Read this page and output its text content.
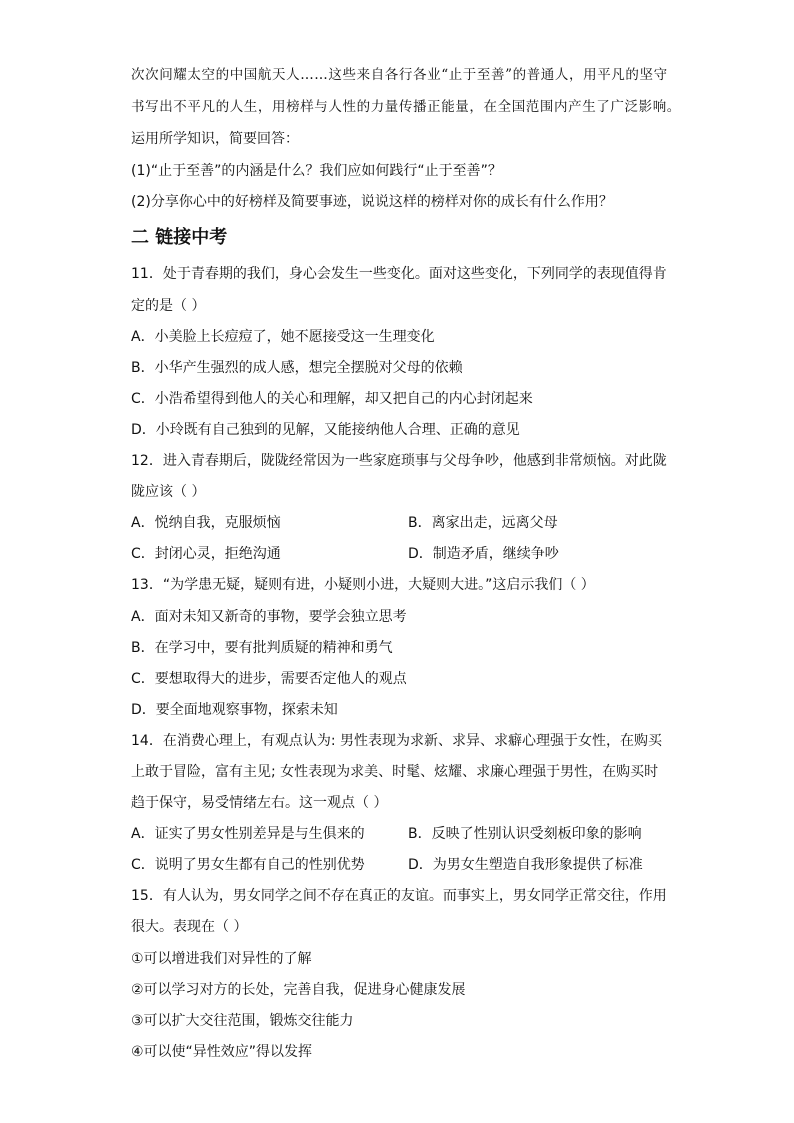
次次问耀太空的中国航天人……这些来自各行各业“止于至善”的普通人，用平凡的坚守
书写出不平凡的人生，用榜样与人性的力量传播正能量，在全国范围内产生了广泛影响。
运用所学知识，简要回答：
(1)“止于至善”的内涵是什么？我们应如何践行“止于至善”？
(2)分享你心中的好榜样及简要事迹，说说这样的榜样对你的成长有什么作用？
二 链接中考
11．处于青春期的我们，身心会发生一些变化。面对这些变化，下列同学的表现值得肯
定的是（ ）
A．小美脸上长痘痘了，她不愿接受这一生理变化
B．小华产生强烈的成人感，想完全摆脱对父母的依赖
C．小浩希望得到他人的关心和理解，却又把自己的内心封闭起来
D．小玲既有自己独到的见解，又能接纳他人合理、正确的意见
12．进入青春期后，陇陇经常因为一些家庭琐事与父母争吵，他感到非常烦恼。对此陇
陇应该（ ）
A．悦纳自我，克服烦恼	B．离家出走，远离父母
C．封闭心灵，拒绝沟通	D．制造矛盾，继续争吵
13．“为学患无疑，疑则有进，小疑则小进，大疑则大进。”这启示我们（ ）
A．面对未知又新奇的事物，要学会独立思考
B．在学习中，要有批判质疑的精神和勇气
C．要想取得大的进步，需要否定他人的观点
D．要全面地观察事物，探索未知
14．在消费心理上，有观点认为: 男性表现为求新、求异、求癖心理强于女性，在购买
上敢于冒险，富有主见; 女性表现为求美、时髦、炫耀、求廉心理强于男性，在购买时
趋于保守，易受情绪左右。这一观点（ ）
A．证实了男女性别差异是与生俱来的	B．反映了性别认识受刻板印象的影响
C．说明了男女生都有自己的性别优势	D．为男女生塑造自我形象提供了标准
15．有人认为，男女同学之间不存在真正的友谊。而事实上，男女同学正常交往，作用
很大。表现在（ ）
①可以增进我们对异性的了解
②可以学习对方的长处，完善自我，促进身心健康发展
③可以扩大交往范围，锻炼交往能力
④可以使“异性效应”得以发挥
